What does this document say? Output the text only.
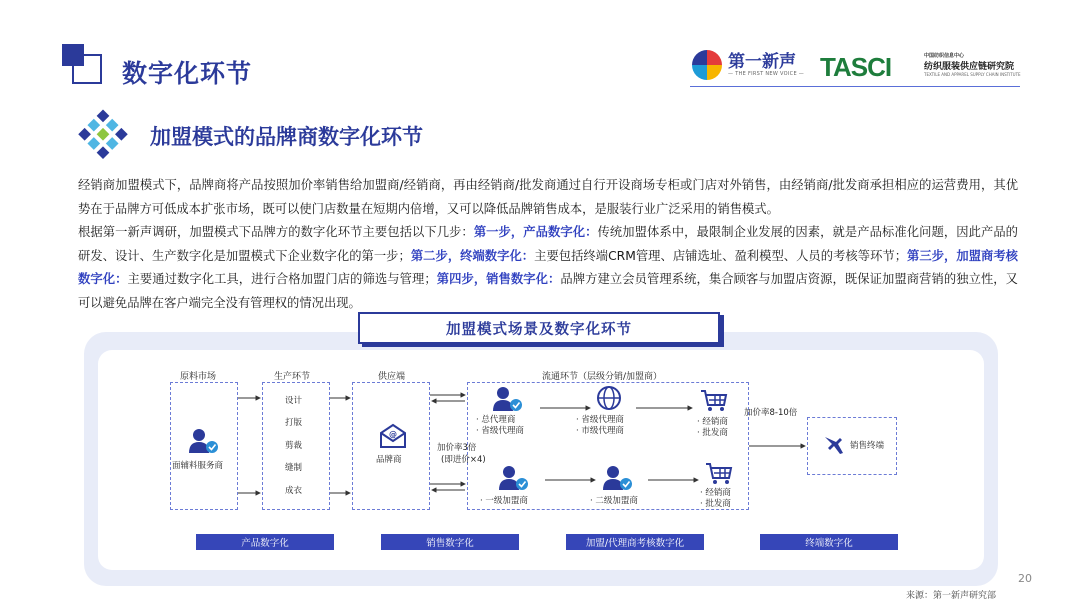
数字化环节	第一新声
— THE FIRST NEW VOICE — TASCI	中国纺织信息中心
纺织服装供应链研究院
TEXTILE AND APPAREL SUPPLY CHAIN INSTITUTE
加盟模式的品牌商数字化环节
经销商加盟模式下，品牌商将产品按照加价率销售给加盟商/经销商，再由经销商/批发商通过自行开设商场专柜或门店对外销售，由经销商/批发商承担相应的运营费用，其优势在于品牌方可低成本扩张市场，既可以使门店数量在短期内倍增，又可以降低品牌销售成本，是服装行业广泛采用的销售模式。
根据第一新声调研，加盟模式下品牌方的数字化环节主要包括以下几步：第一步，产品数字化：传统加盟体系中，最限制企业发展的因素，就是产品标准化问题，因此产品的研发、设计、生产数字化是加盟模式下企业数字化的第一步；第二步，终端数字化：主要包括终端CRM管理、店铺选址、盈利模型、人员的考核等环节；第三步，加盟商考核数字化：主要通过数字化工具，进行合格加盟门店的筛选与管理；第四步，销售数字化：品牌方建立会员管理系统，集合顾客与加盟店资源，既保证加盟商营销的独立性，又可以避免品牌在客户端完全没有管理权的情况出现。
加盟模式场景及数字化环节
原料市场	生产环节	供应端	流通环节（层级分销/加盟商）
面辅料服务商
设计
打版
剪裁
缝制
成衣
@
品牌商
加价率3倍
(即进价×4)
加价率8-10倍
· 总代理商
· 省级代理商
· 省级代理商
· 市级代理商
· 经销商
· 批发商
· 一级加盟商	· 二级加盟商
· 经销商
· 批发商
销售终端
产品数字化	销售数字化	加盟/代理商考核数字化	终端数字化
20
来源：第一新声研究部
